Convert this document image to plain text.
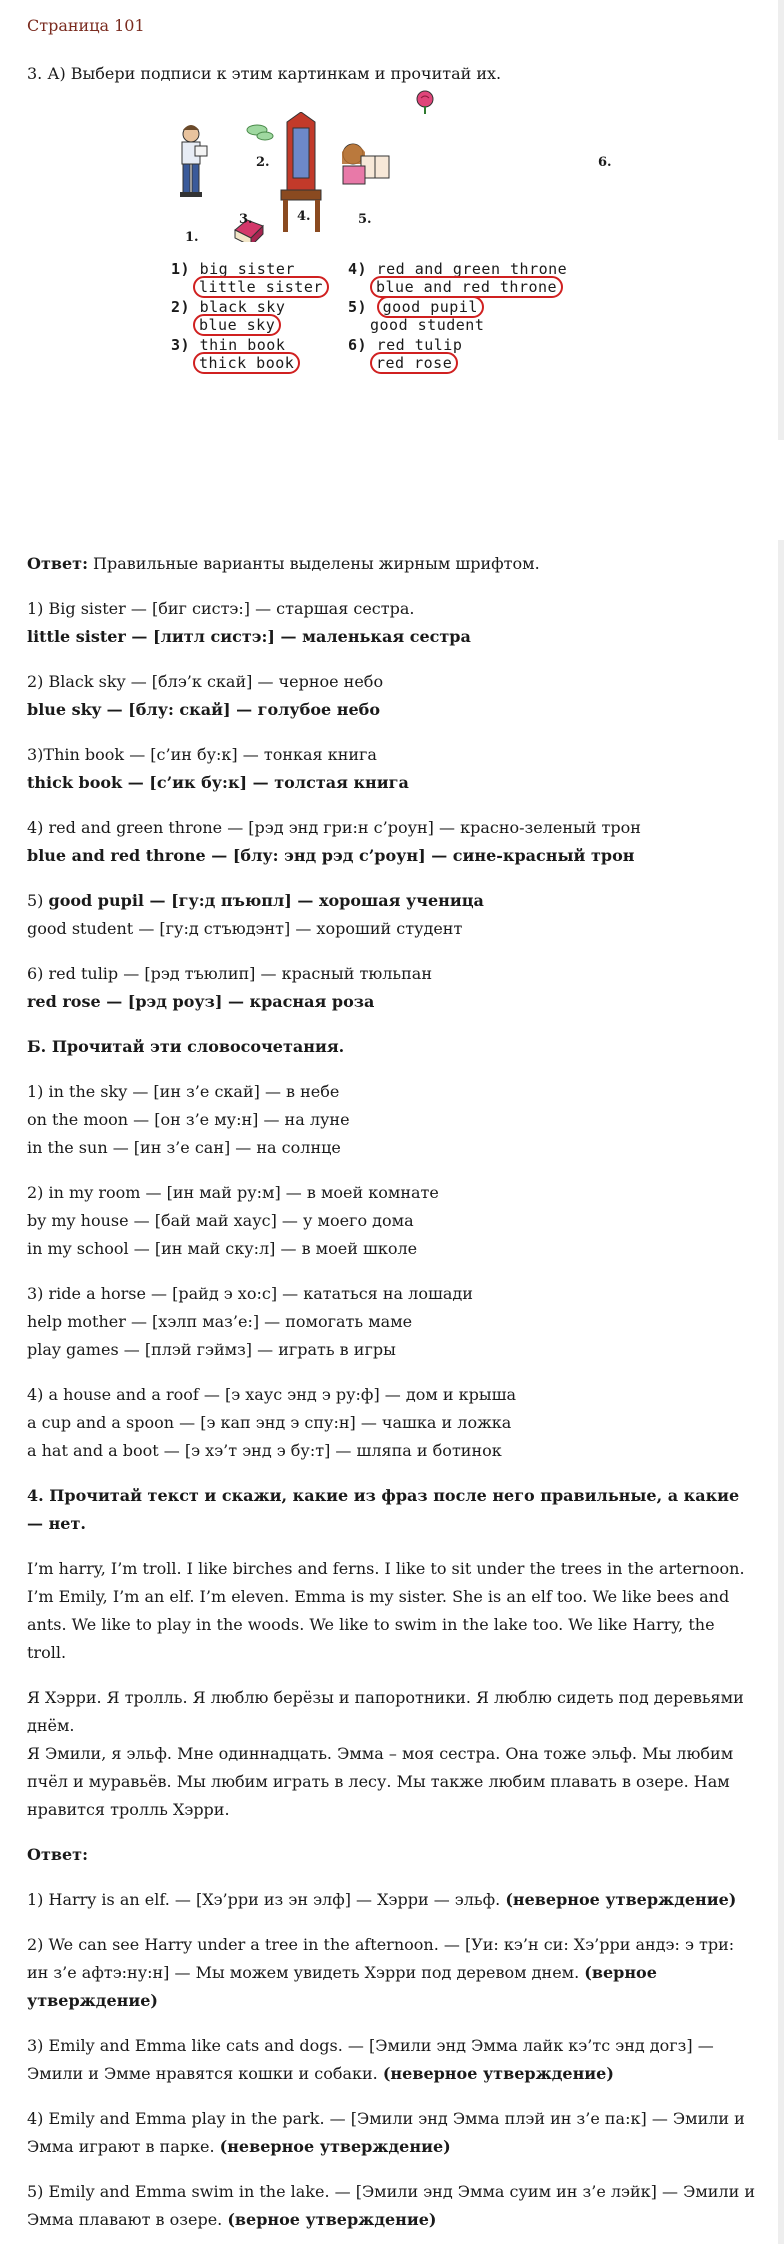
Страница 101
3. А) Выбери подписи к этим картинкам и прочитай их.
1.
2.
3.	4.	5.
6.
1) big sister
little sister
2) black sky
blue sky
3) thin book
thick book
4) red and green throne
blue and red throne
5) good pupil
good student
6) red tulip
red rose

Ответ: Правильные варианты выделены жирным шрифтом.

1) Big sister — [биг систэ:] — старшая сестра.
little sister — [литл систэ:] — маленькая сестра

2) Black sky — [блэ’к скай] — черное небо
blue sky — [блу: скай] — голубое небо

3)Thin book — [с’ин бу:к] — тонкая книга
thick book — [с’ик бу:к] — толстая книга

4) red and green throne — [рэд энд гри:н с’роун] — красно-зеленый трон
blue and red throne — [блу: энд рэд с’роун] — сине-красный трон

5) good pupil — [гу:д пъюпл] — хорошая ученица
good student — [гу:д стъюдэнт] — хороший студент

6) red tulip — [рэд тъюлип] — красный тюльпан
red rose — [рэд роуз] — красная роза

Б. Прочитай эти словосочетания.

1) in the sky — [ин з’е скай] — в небе
on the moon — [он з’е му:н] — на луне
in the sun — [ин з’е сан] — на солнце

2) in my room — [ин май ру:м] — в моей комнате
by my house — [бай май хаус] — у моего дома
in my school — [ин май ску:л] — в моей школе

3) ride a horse — [райд э хо:с] — кататься на лошади
help mother — [хэлп маз’е:] — помогать маме
play games — [плэй гэймз] — играть в игры

4) a house and a roof — [э хаус энд э ру:ф] — дом и крыша
a cup and a spoon — [э кап энд э спу:н] — чашка и ложка
a hat and a boot — [э хэ’т энд э бу:т] — шляпа и ботинок

4. Прочитай текст и скажи, какие из фраз после него правильные, а какие — нет.

I’m harry, I’m troll. I like birches and ferns. I like to sit under the trees in the arternoon. I’m Emily, I’m an elf. I’m eleven. Emma is my sister. She is an elf too. We like bees and ants. We like to play in the woods. We like to swim in the lake too. We like Harry, the troll.

Я Хэрри. Я тролль. Я люблю берёзы и папоротники. Я люблю сидеть под деревьями днём.
Я Эмили, я эльф. Мне одиннадцать. Эмма – моя сестра. Она тоже эльф. Мы любим пчёл и муравьёв. Мы любим играть в лесу. Мы также любим плавать в озере. Нам нравится тролль Хэрри.

Ответ:

1) Harry is an elf. — [Хэ’рри из эн элф] — Хэрри — эльф. (неверное утверждение)

2) We can see Harry under a tree in the afternoon. — [Уи: кэ’н си: Хэ’рри андэ: э три: ин з’е афтэ:ну:н] — Мы можем увидеть Хэрри под деревом днем. (верное утверждение)

3) Emily and Emma like cats and dogs. — [Эмили энд Эмма лайк кэ’тс энд догз] — Эмили и Эмме нравятся кошки и собаки. (неверное утверждение)

4) Emily and Emma play in the park. — [Эмили энд Эмма плэй ин з’е па:к] — Эмили и Эмма играют в парке. (неверное утверждение)

5) Emily and Emma swim in the lake. — [Эмили энд Эмма суим ин з’е лэйк] — Эмили и Эмма плавают в озере. (верное утверждение)
